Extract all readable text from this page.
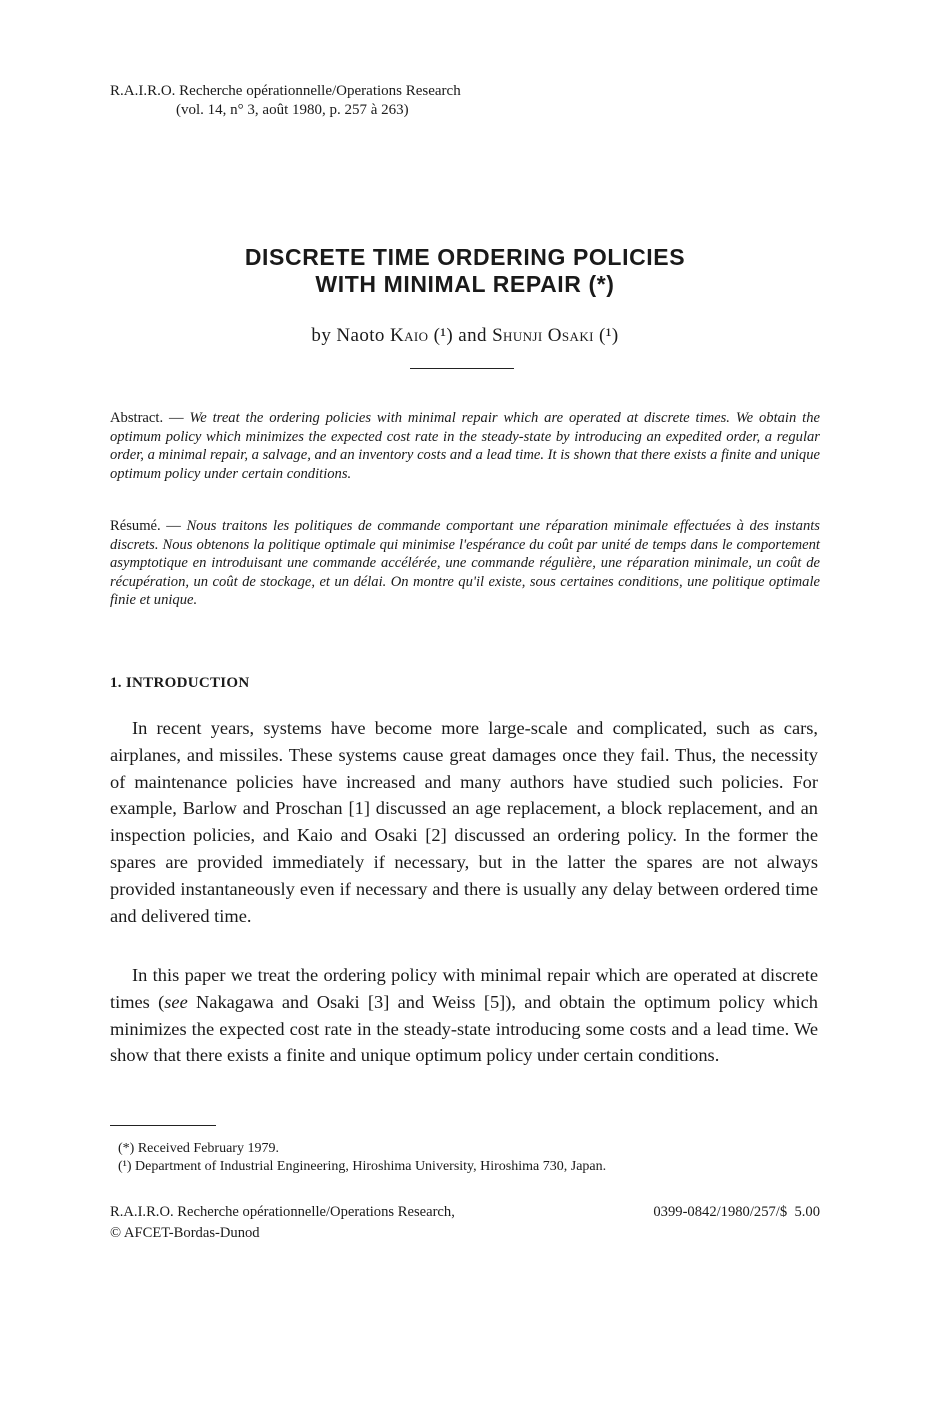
R.A.I.R.O. Recherche opérationnelle/Operations Research
(vol. 14, n° 3, août 1980, p. 257 à 263)
DISCRETE TIME ORDERING POLICIES
WITH MINIMAL REPAIR (*)
by Naoto Kaio (¹) and Shunji Osaki (¹)
Abstract. — We treat the ordering policies with minimal repair which are operated at discrete times. We obtain the optimum policy which minimizes the expected cost rate in the steady-state by introducing an expedited order, a regular order, a minimal repair, a salvage, and an inventory costs and a lead time. It is shown that there exists a finite and unique optimum policy under certain conditions.
Résumé. — Nous traitons les politiques de commande comportant une réparation minimale effectuées à des instants discrets. Nous obtenons la politique optimale qui minimise l'espérance du coût par unité de temps dans le comportement asymptotique en introduisant une commande accélérée, une commande régulière, une réparation minimale, un coût de récupération, un coût de stockage, et un délai. On montre qu'il existe, sous certaines conditions, une politique optimale finie et unique.
1. INTRODUCTION

In recent years, systems have become more large-scale and complicated, such as cars, airplanes, and missiles. These systems cause great damages once they fail. Thus, the necessity of maintenance policies have increased and many authors have studied such policies. For example, Barlow and Proschan [1] discussed an age replacement, a block replacement, and an inspection policies, and Kaio and Osaki [2] discussed an ordering policy. In the former the spares are provided immediately if necessary, but in the latter the spares are not always provided instantaneously even if necessary and there is usually any delay between ordered time and delivered time.

In this paper we treat the ordering policy with minimal repair which are operated at discrete times (see Nakagawa and Osaki [3] and Weiss [5]), and obtain the optimum policy which minimizes the expected cost rate in the steady-state introducing some costs and a lead time. We show that there exists a finite and unique optimum policy under certain conditions.

(*) Received February 1979.
(¹) Department of Industrial Engineering, Hiroshima University, Hiroshima 730, Japan.
R.A.I.R.O. Recherche opérationnelle/Operations Research,	0399-0842/1980/257/$ 5.00
© AFCET-Bordas-Dunod
